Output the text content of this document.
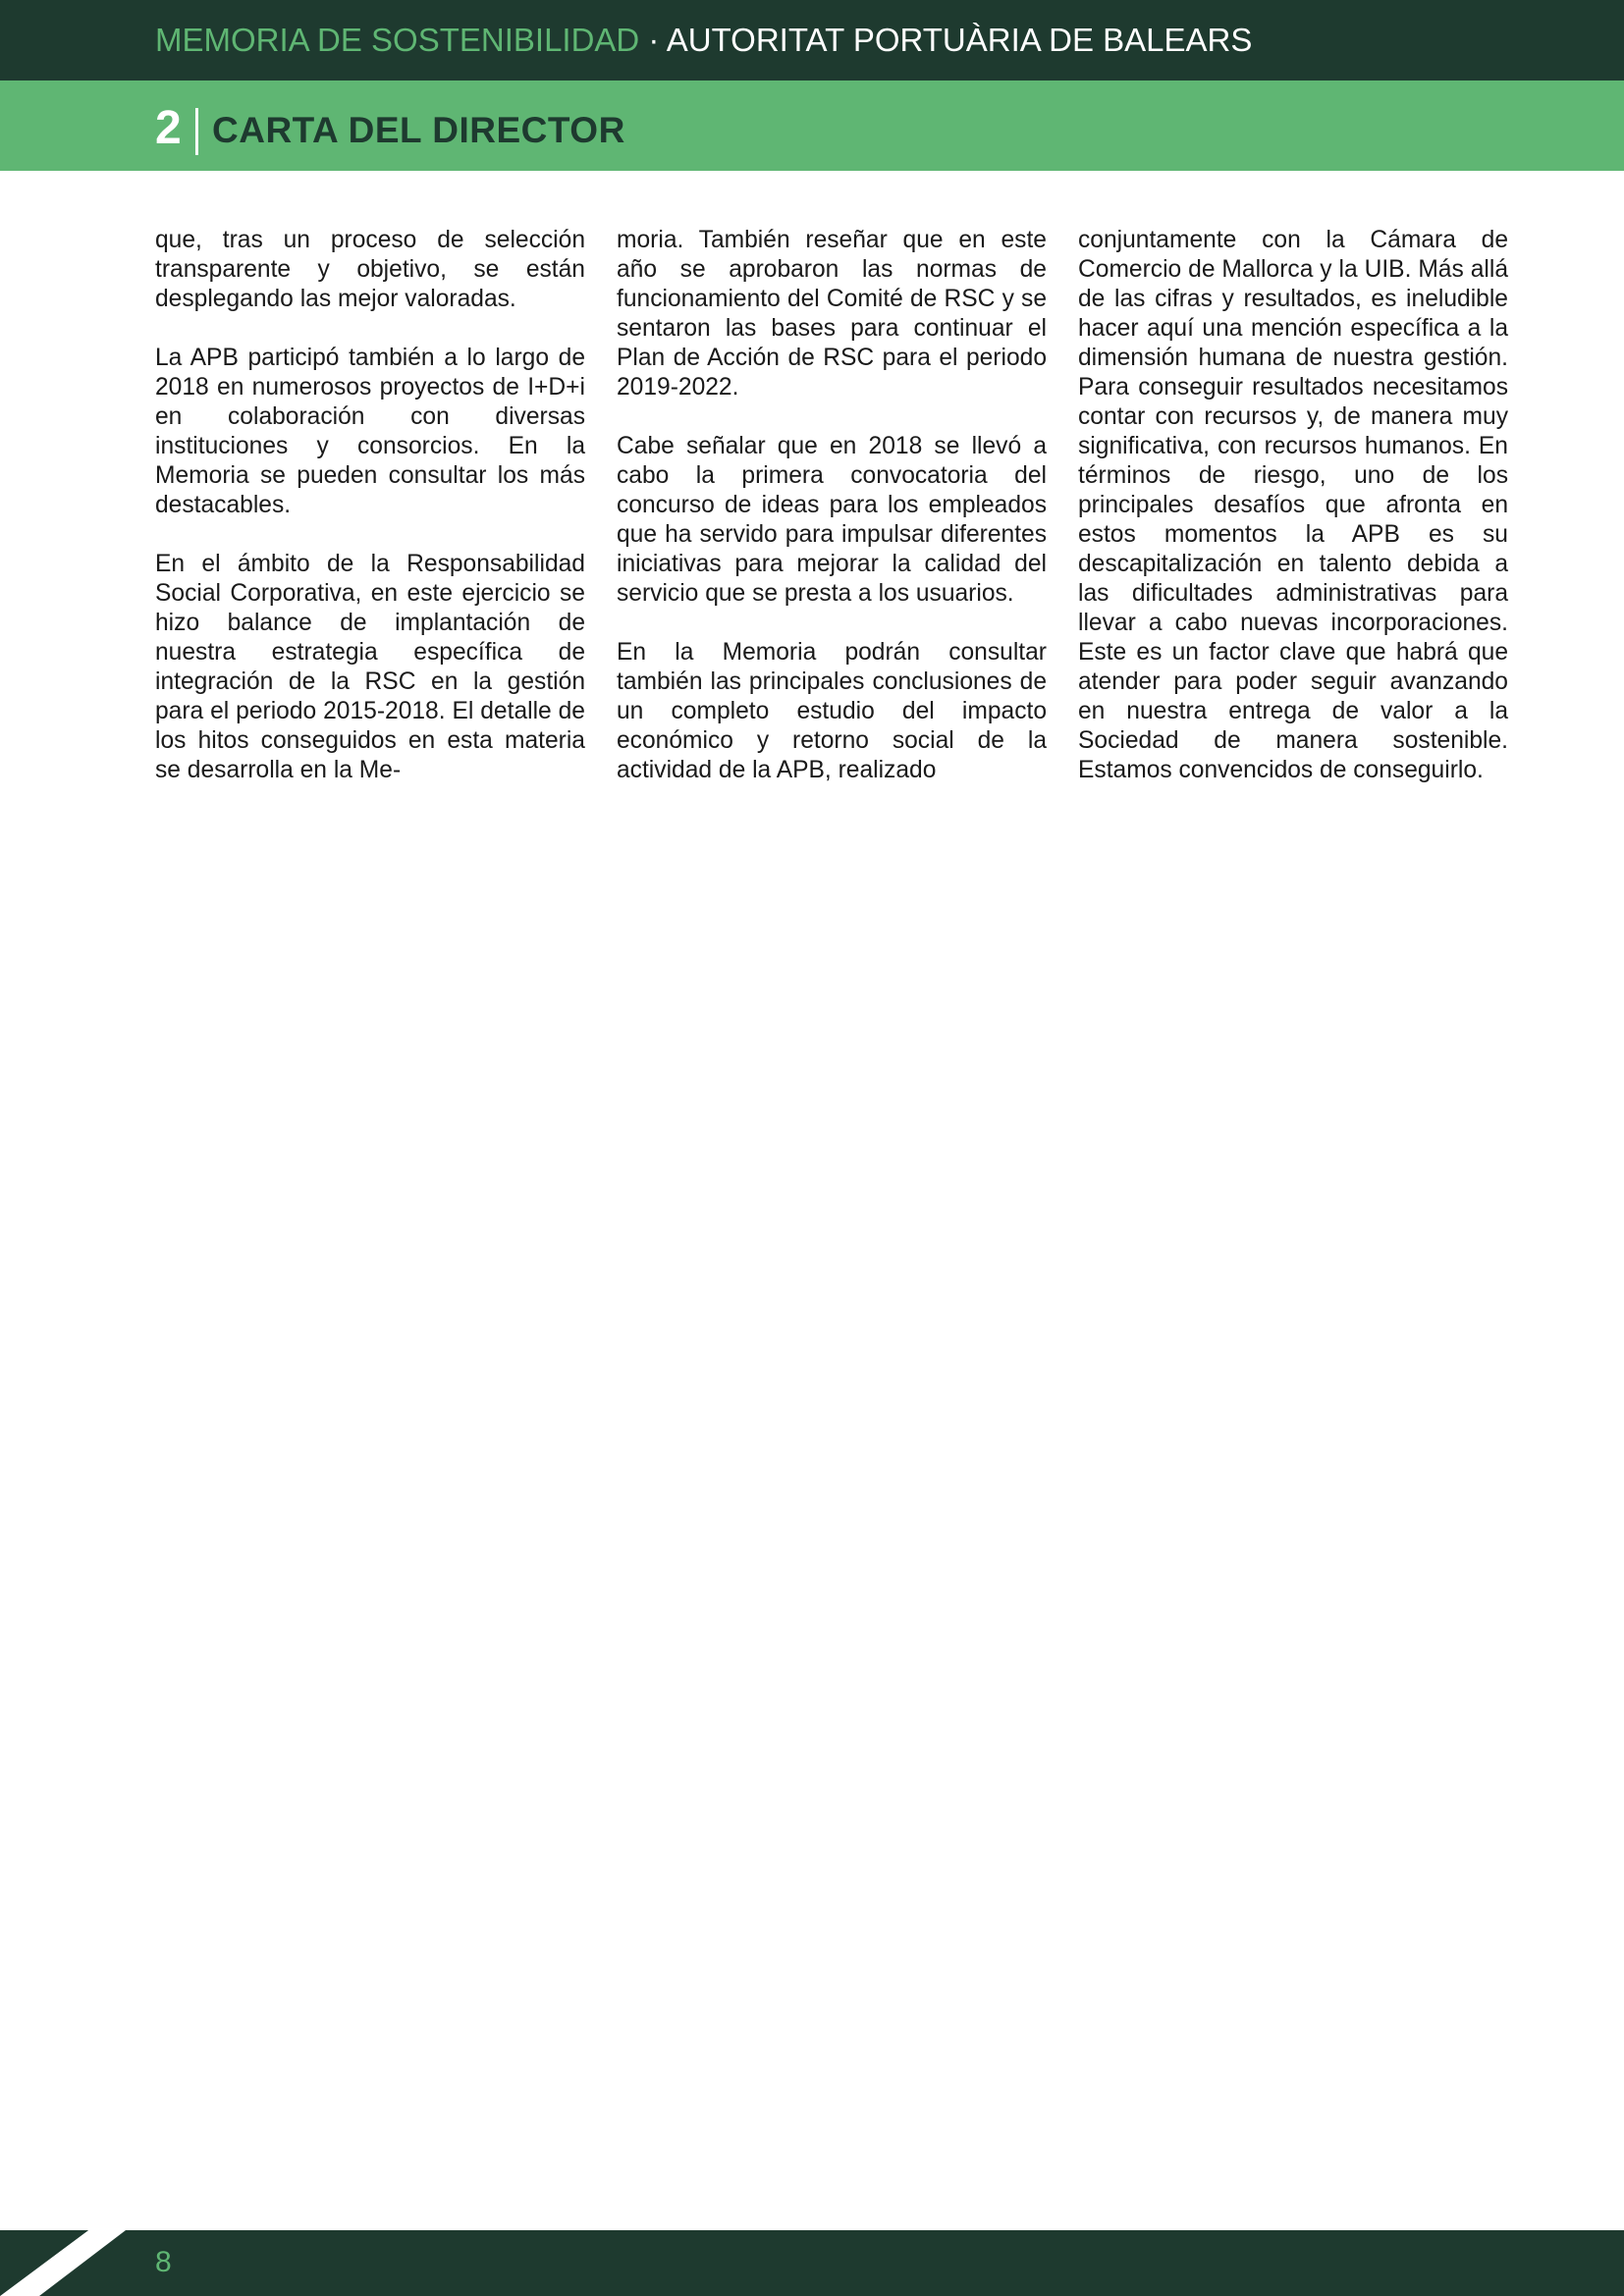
MEMORIA DE SOSTENIBILIDAD · AUTORITAT PORTUÀRIA DE BALEARS
2 CARTA DEL DIRECTOR

que, tras un proceso de selección transparente y objetivo, se están desplegando las mejor valoradas.

La APB participó también a lo largo de 2018 en numerosos proyectos de I+D+i en colaboración con diversas instituciones y consorcios. En la Memoria se pueden consultar los más destacables.

En el ámbito de la Responsabilidad Social Corporativa, en este ejercicio se hizo balance de implantación de nuestra estrategia específica de integración de la RSC en la gestión para el periodo 2015-2018. El detalle de los hitos conseguidos en esta materia se desarrolla en la Me-

moria. También reseñar que en este año se aprobaron las normas de funcionamiento del Comité de RSC y se sentaron las bases para continuar el Plan de Acción de RSC para el periodo 2019-2022.

Cabe señalar que en 2018 se llevó a cabo la primera convocatoria del concurso de ideas para los empleados que ha servido para impulsar diferentes iniciativas para mejorar la calidad del servicio que se presta a los usuarios.

En la Memoria podrán consultar también las principales conclusiones de un completo estudio del impacto económico y retorno social de la actividad de la APB, realizado

conjuntamente con la Cámara de Comercio de Mallorca y la UIB. Más allá de las cifras y resultados, es ineludible hacer aquí una mención específica a la dimensión humana de nuestra gestión. Para conseguir resultados necesitamos contar con recursos y, de manera muy significativa, con recursos humanos. En términos de riesgo, uno de los principales desafíos que afronta en estos momentos la APB es su descapitalización en talento debida a las dificultades administrativas para llevar a cabo nuevas incorporaciones. Este es un factor clave que habrá que atender para poder seguir avanzando en nuestra entrega de valor a la Sociedad de manera sostenible. Estamos convencidos de conseguirlo.

8
